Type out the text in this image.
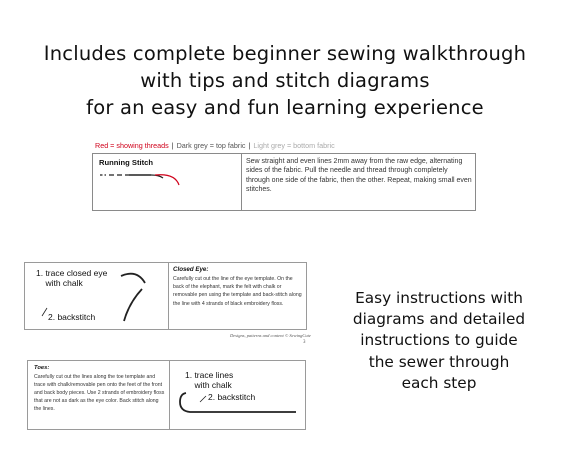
Includes complete beginner sewing walkthrough
with tips and stitch diagrams
for an easy and fun learning experience
Red = showing threads | Dark grey = top fabric | Light grey = bottom fabric
Running Stitch	Sew straight and even lines 2mm away from the raw edge, alternating sides of the fabric. Pull the needle and thread through completely through one side of the fabric, then the other. Repeat, making small even stitches.
1. trace closed eye
with chalk
2. backstitch
Closed Eye:
Carefully cut out the line of the eye template. On the back of the elephant, mark the felt with chalk or removable pen using the template and back-stitch along the line with 4 strands of black embroidery floss.
Designs, patterns and content © SewingCute
3
Toes:
Carefully cut out the lines along the toe template and trace with chalk/removable pen onto the feet of the front and back body pieces. Use 2 strands of embroidery floss that are not as dark as the eye color. Back stitch along the lines.
1. trace lines
with chalk
2. backstitch
Easy instructions with
diagrams and detailed
instructions to guide
the sewer through
each step
